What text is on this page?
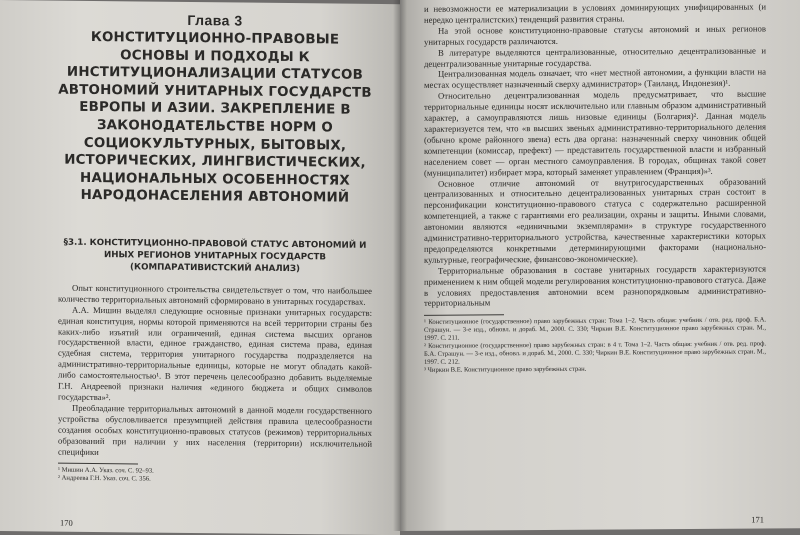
Глава 3

КОНСТИТУЦИОННО-ПРАВОВЫЕ ОСНОВЫ И ПОДХОДЫ К ИНСТИТУЦИОНАЛИЗАЦИИ СТАТУСОВ АВТОНОМИЙ УНИТАРНЫХ ГОСУДАРСТВ ЕВРОПЫ И АЗИИ. ЗАКРЕПЛЕНИЕ В ЗАКОНОДАТЕЛЬСТВЕ НОРМ О СОЦИОКУЛЬТУРНЫХ, БЫТОВЫХ, ИСТОРИЧЕСКИХ, ЛИНГВИСТИЧЕСКИХ, НАЦИОНАЛЬНЫХ ОСОБЕННОСТЯХ НАРОДОНАСЕЛЕНИЯ АВТОНОМИЙ
§3.1. КОНСТИТУЦИОННО-ПРАВОВОЙ СТАТУС АВТОНОМИЙ И ИНЫХ РЕГИОНОВ УНИТАРНЫХ ГОСУДАРСТВ (КОМПАРАТИВИСТСКИЙ АНАЛИЗ)

Опыт конституционного строительства свидетельствует о том, что наибольшее количество территориальных автономий сформировано в унитарных государствах.

А.А. Мишин выделял следующие основные признаки унитарных государств: единая конституция, нормы которой применяются на всей территории страны без каких-либо изъятий или ограничений, единая система высших органов государственной власти, единое гражданство, единая система права, единая судебная система, территория унитарного государства подразделяется на административно-территориальные единицы, которые не могут обладать какой-либо самостоятельностью¹. В этот перечень целесообразно добавить выделяемые Г.Н. Андреевой признаки наличия «единого бюджета и общих символов государства»².

Преобладание территориальных автономий в данной модели государственного устройства обусловливается презумпцией действия правила целесообразности создания особых конституционно-правовых статусов (режимов) территориальных образований при наличии у них населения (территории) исключительной специфики

¹ Мишин А.А. Указ. соч. С. 92–93.

² Андреева Г.Н. Указ. соч. С. 356.

170

и невозможности ее материализации в условиях доминирующих унифицированных (и нередко централистских) тенденций развития страны.

На этой основе конституционно-правовые статусы автономий и иных регионов унитарных государств различаются.

В литературе выделяются централизованные, относительно децентрализованные и децентрализованные унитарные государства.

Централизованная модель означает, что «нет местной автономии, а функции власти на местах осуществляет назначенный сверху администратор» (Таиланд, Индонезия)¹.

Относительно децентрализованная модель предусматривает, что высшие территориальные единицы носят исключительно или главным образом административный характер, а самоуправляются лишь низовые единицы (Болгария)². Данная модель характеризуется тем, что «в высших звеньях административно-территориального деления (обычно кроме районного звена) есть два органа: назначенный сверху чиновник общей компетенции (комиссар, префект) — представитель государственной власти и избранный населением совет — орган местного самоуправления. В городах, общинах такой совет (муниципалитет) избирает мэра, который заменяет управлением (Франция)»³.

Основное отличие автономий от внутригосударственных образований централизованных и относительно децентрализованных унитарных стран состоит в персонификации конституционно-правового статуса с содержательно расширенной компетенцией, а также с гарантиями его реализации, охраны и защиты. Иными словами, автономии являются «единичными экземплярами» в структуре государственного административно-территориального устройства, качественные характеристики которых предопределяются конкретными детерминирующими факторами (национально-культурные, географические, финансово-экономические).

Территориальные образования в составе унитарных государств характеризуются применением к ним общей модели регулирования конституционно-правового статуса. Даже в условиях предоставления автономии всем разнопорядковым административно-территориальным

¹ Конституционное (государственное) право зарубежных стран: Тома 1–2. Часть общая: учебник / отв. ред. проф. Б.А. Страшун. — 3-е изд., обновл. и дораб. М., 2000. С. 330; Чиркин В.Е. Конституционное право зарубежных стран. М., 1997. С. 211.

² Конституционное (государственное) право зарубежных стран: в 4 т. Тома 1–2. Часть общая: учебник / отв. ред. проф. Б.А. Страшун. — 3-е изд., обновл. и дораб. М., 2000. С. 330; Чиркин В.Е. Конституционное право зарубежных стран. М., 1997. С. 212.

³ Чиркин В.Е. Конституционное право зарубежных стран.

171
